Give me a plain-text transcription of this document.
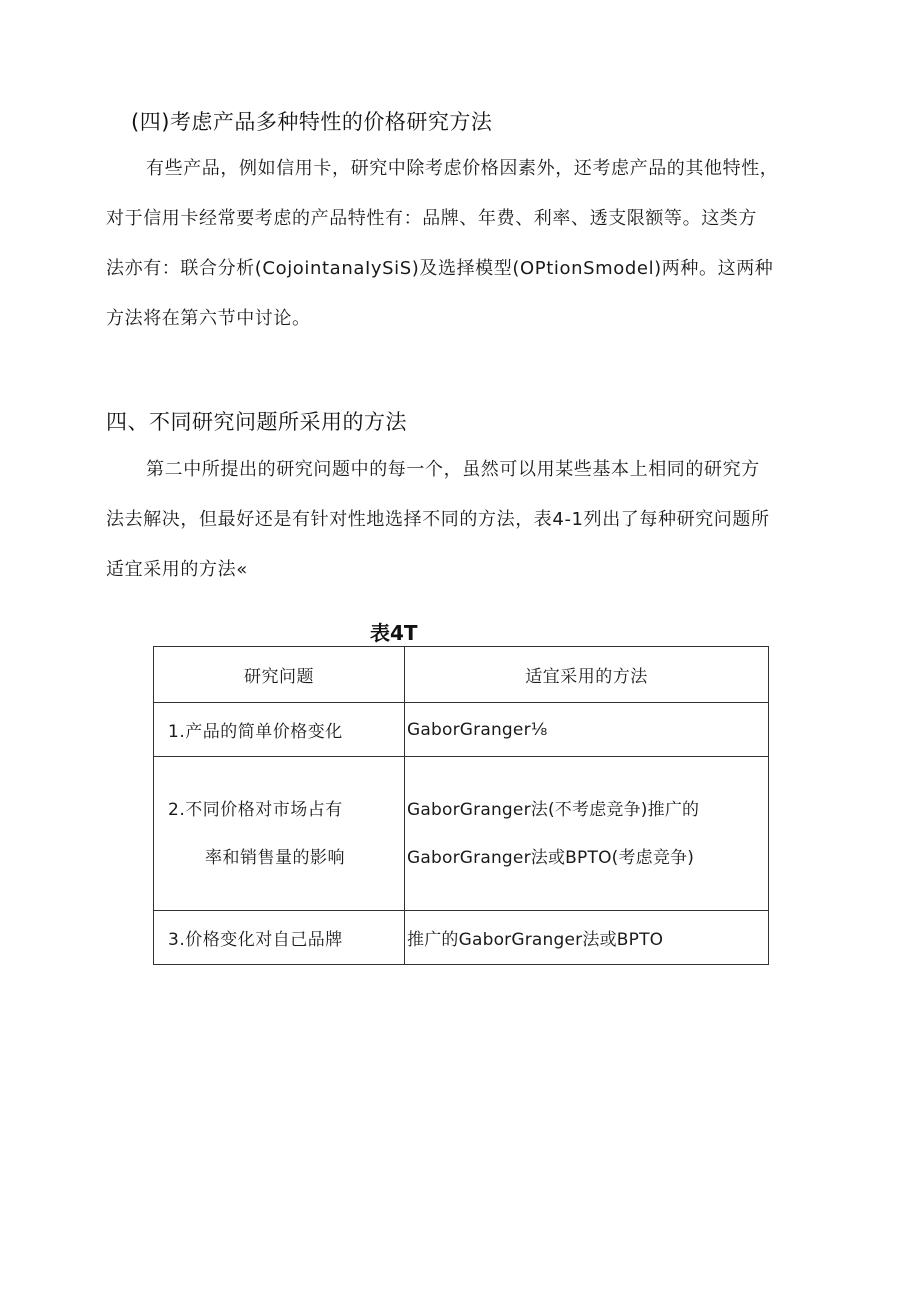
(四)考虑产品多种特性的价格研究方法
有些产品，例如信用卡，研究中除考虑价格因素外，还考虑产品的其他特性，
对于信用卡经常要考虑的产品特性有：品牌、年费、利率、透支限额等。这类方
法亦有：联合分析(CojointanaIySiS)及选择模型(OPtionSmodel)两种。这两种
方法将在第六节中讨论。
四、不同研究问题所采用的方法
第二中所提出的研究问题中的每一个，虽然可以用某些基本上相同的研究方
法去解决，但最好还是有针对性地选择不同的方法，表4-1列出了每种研究问题所
适宜采用的方法«
表4T
研究问题	适宜采用的方法
1.产品的简单价格变化	GaborGranger⅛

2.不同价格对市场占有
率和销售量的影响	GaborGranger法(不考虑竞争)推广的
GaborGranger法或BPTO(考虑竞争)

3.价格变化对自己品牌	推广的GaborGranger法或BPTO
